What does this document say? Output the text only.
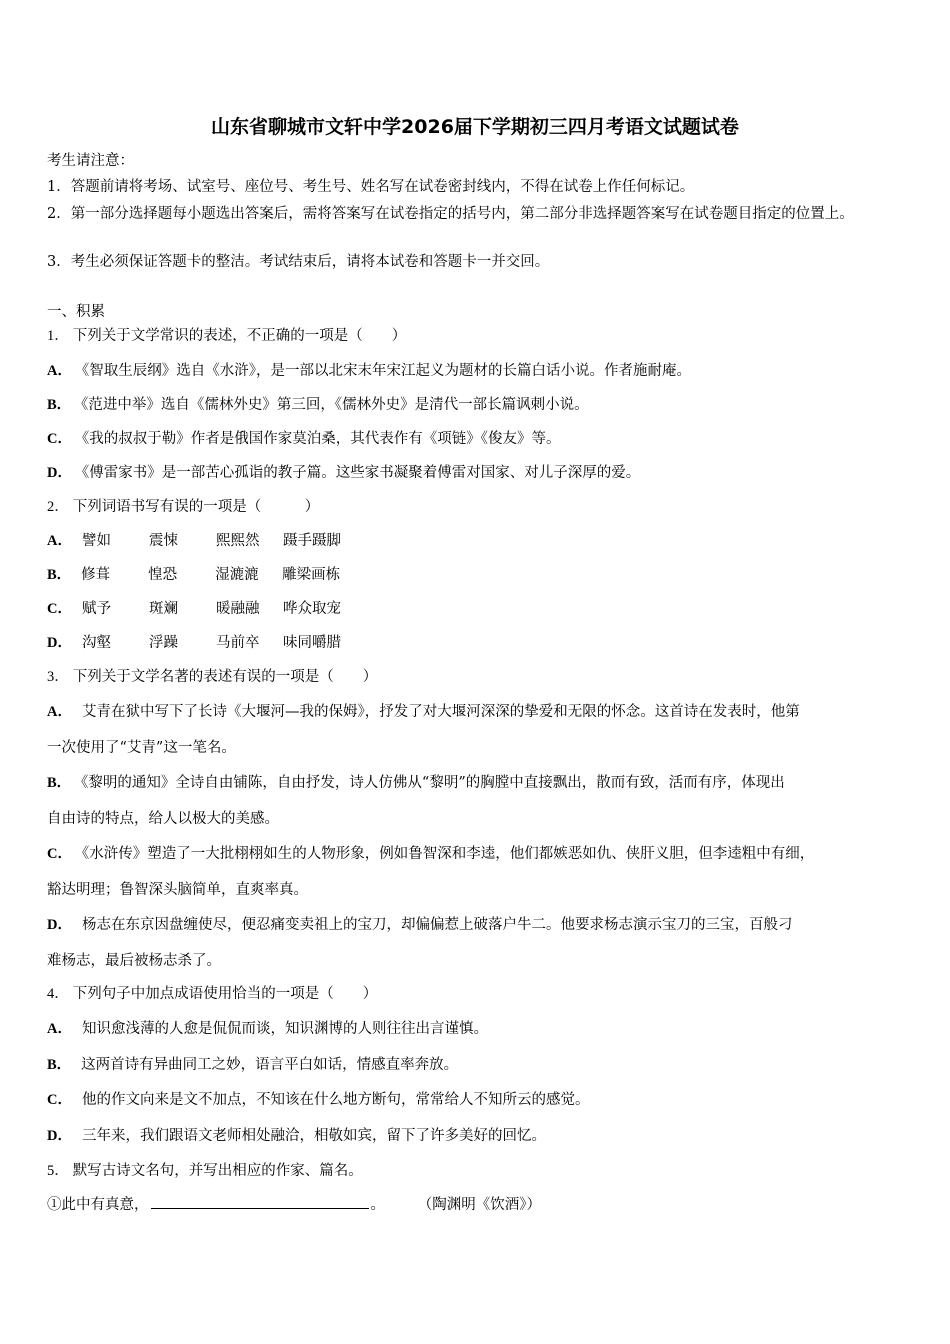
山东省聊城市文轩中学2026届下学期初三四月考语文试题试卷
考生请注意：
1．答题前请将考场、试室号、座位号、考生号、姓名写在试卷密封线内，不得在试卷上作任何标记。
2．第一部分选择题每小题选出答案后，需将答案写在试卷指定的括号内，第二部分非选择题答案写在试卷题目指定的位置上。
3．考生必须保证答题卡的整洁。考试结束后，请将本试卷和答题卡一并交回。
一、积累
1． 下列关于文学常识的表述，不正确的一项是（　　）
A． 《智取生辰纲》选自《水浒》，是一部以北宋末年宋江起义为题材的长篇白话小说。作者施耐庵。
B． 《范进中举》选自《儒林外史》第三回，《儒林外史》是清代一部长篇讽刺小说。
C． 《我的叔叔于勒》作者是俄国作家莫泊桑，其代表作有《项链》《俊友》等。
D． 《傅雷家书》是一部苦心孤诣的教子篇。这些家书凝聚着傅雷对国家、对儿子深厚的爱。
2． 下列词语书写有误的一项是（　　　）
A． 譬如	震悚	熙熙然 蹑手蹑脚
B． 修葺	惶恐	湿漉漉 雕梁画栋
C． 赋予	斑斓	暖融融 哗众取宠
D． 沟壑	浮躁	马前卒 味同嚼腊
3． 下列关于文学名著的表述有误的一项是（　　）
A． 艾青在狱中写下了长诗《大堰河—我的保姆》，抒发了对大堰河深深的挚爱和无限的怀念。这首诗在发表时，他第
一次使用了“艾青”这一笔名。
B． 《黎明的通知》全诗自由铺陈，自由抒发，诗人仿佛从“黎明”的胸膛中直接飘出，散而有致，活而有序，体现出
自由诗的特点，给人以极大的美感。
C． 《水浒传》塑造了一大批栩栩如生的人物形象，例如鲁智深和李逵，他们都嫉恶如仇、侠肝义胆，但李逵粗中有细，
豁达明理；鲁智深头脑简单，直爽率真。
D． 杨志在东京因盘缠使尽，便忍痛变卖祖上的宝刀，却偏偏惹上破落户牛二。他要求杨志演示宝刀的三宝，百般刁
难杨志，最后被杨志杀了。
4． 下列句子中加点成语使用恰当的一项是（　　）
A． 知识愈浅薄的人愈是侃侃而谈，知识渊博的人则往往出言谨慎。
B． 这两首诗有异曲同工之妙，语言平白如话，情感直率奔放。
C． 他的作文向来是文不加点，不知该在什么地方断句，常常给人不知所云的感觉。
D． 三年来，我们跟语文老师相处融洽，相敬如宾，留下了许多美好的回忆。
5． 默写古诗文名句，并写出相应的作家、篇名。
①此中有真意，	。	（陶渊明《饮酒》）
